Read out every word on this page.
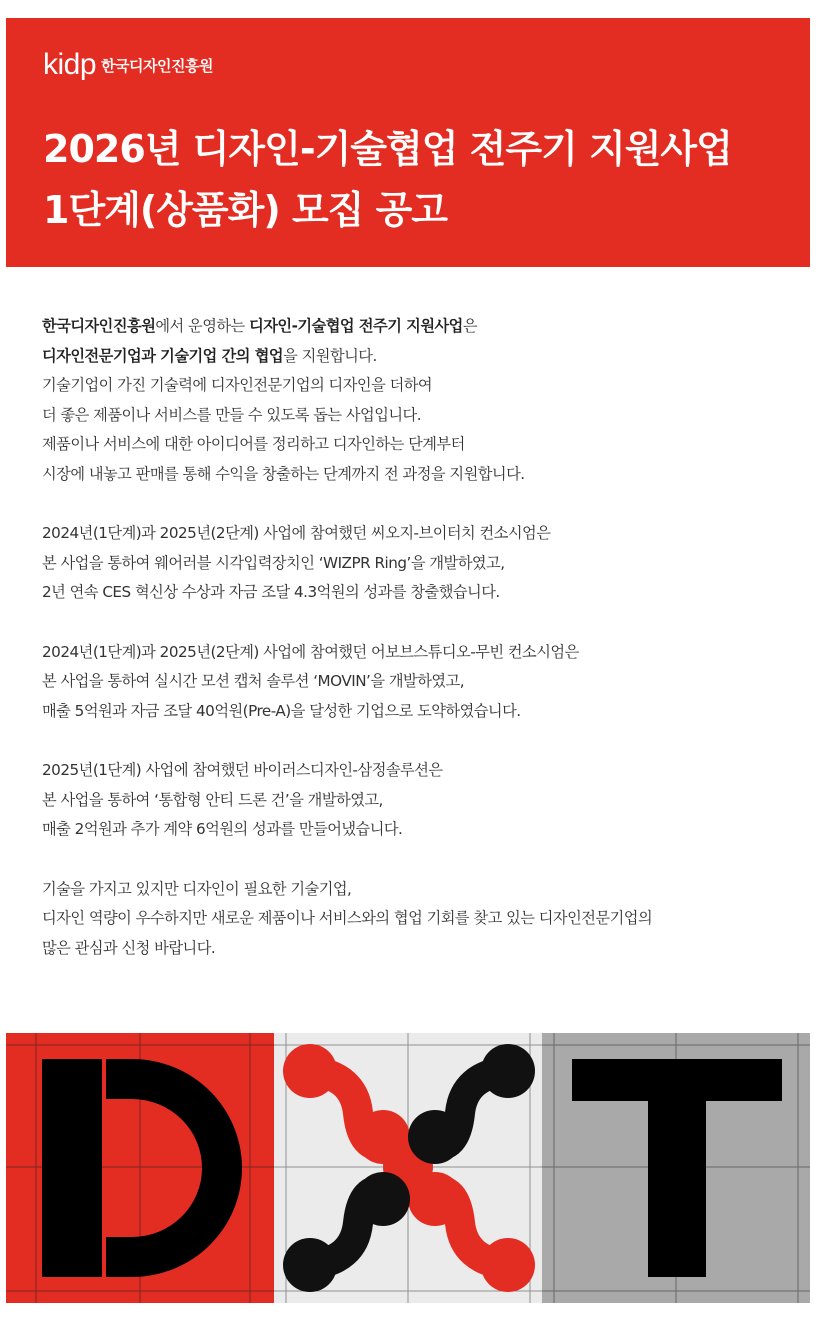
kidp 한국디자인진흥원
2026년 디자인-기술협업 전주기 지원사업
1단계(상품화) 모집 공고

한국디자인진흥원에서 운영하는 디자인-기술협업 전주기 지원사업은
디자인전문기업과 기술기업 간의 협업을 지원합니다.
기술기업이 가진 기술력에 디자인전문기업의 디자인을 더하여
더 좋은 제품이나 서비스를 만들 수 있도록 돕는 사업입니다.
제품이나 서비스에 대한 아이디어를 정리하고 디자인하는 단계부터
시장에 내놓고 판매를 통해 수익을 창출하는 단계까지 전 과정을 지원합니다.

2024년(1단계)과 2025년(2단계) 사업에 참여했던 씨오지-브이터치 컨소시엄은
본 사업을 통하여 웨어러블 시각입력장치인 ‘WIZPR Ring’을 개발하였고,
2년 연속 CES 혁신상 수상과 자금 조달 4.3억원의 성과를 창출했습니다.

2024년(1단계)과 2025년(2단계) 사업에 참여했던 어보브스튜디오-무빈 컨소시엄은
본 사업을 통하여 실시간 모션 캡처 솔루션 ‘MOVIN’을 개발하였고,
매출 5억원과 자금 조달 40억원(Pre-A)을 달성한 기업으로 도약하였습니다.

2025년(1단계) 사업에 참여했던 바이러스디자인-삼정솔루션은
본 사업을 통하여 ‘통합형 안티 드론 건’을 개발하였고,
매출 2억원과 추가 계약 6억원의 성과를 만들어냈습니다.

기술을 가지고 있지만 디자인이 필요한 기술기업,
디자인 역량이 우수하지만 새로운 제품이나 서비스와의 협업 기회를 찾고 있는 디자인전문기업의
많은 관심과 신청 바랍니다.
